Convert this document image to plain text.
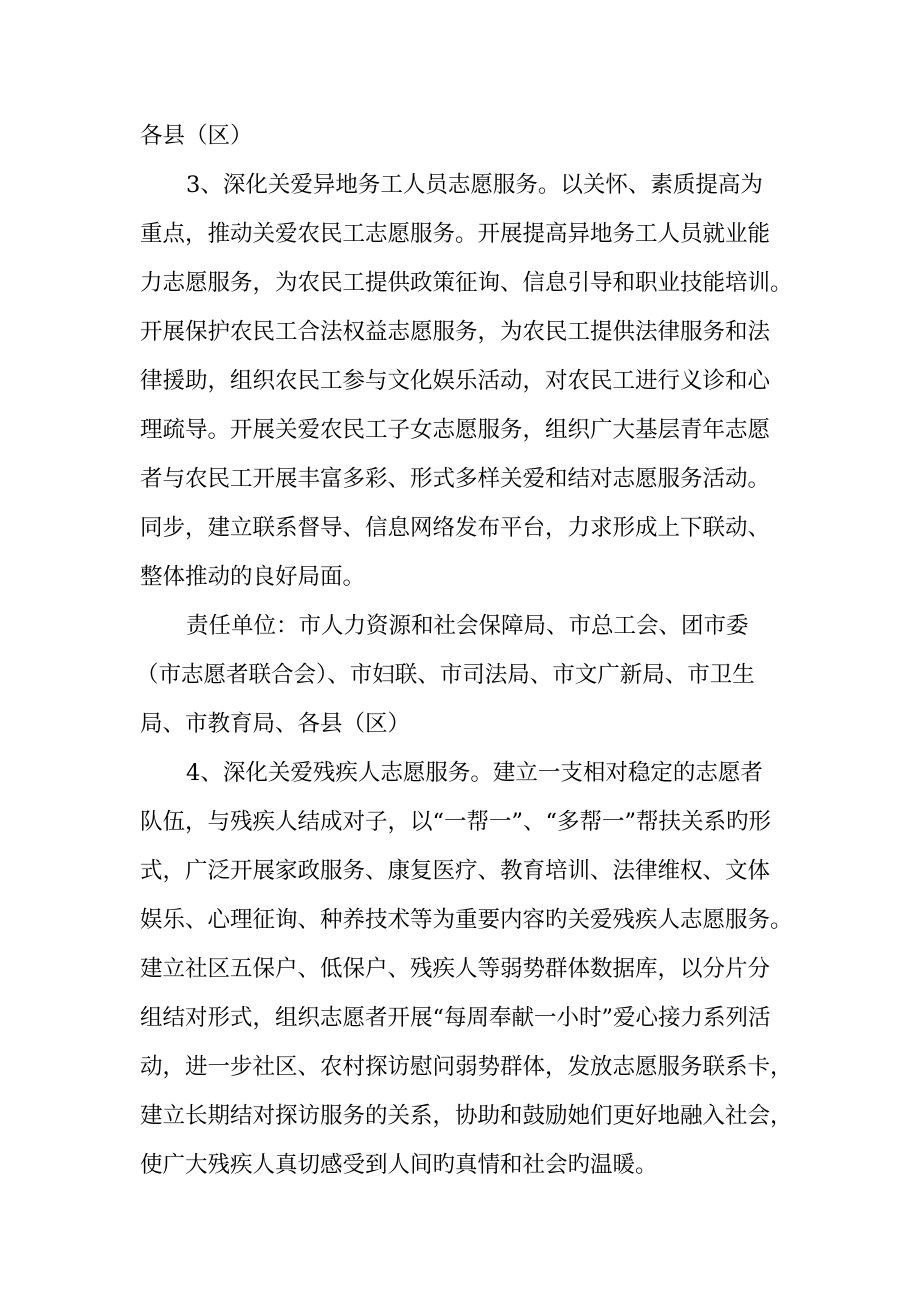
各县（区）
3、深化关爱异地务工人员志愿服务。以关怀、素质提高为
重点，推动关爱农民工志愿服务。开展提高异地务工人员就业能
力志愿服务，为农民工提供政策征询、信息引导和职业技能培训。
开展保护农民工合法权益志愿服务，为农民工提供法律服务和法
律援助，组织农民工参与文化娱乐活动，对农民工进行义诊和心
理疏导。开展关爱农民工子女志愿服务，组织广大基层青年志愿
者与农民工开展丰富多彩、形式多样关爱和结对志愿服务活动。
同步，建立联系督导、信息网络发布平台，力求形成上下联动、
整体推动的良好局面。
责任单位：市人力资源和社会保障局、市总工会、团市委
（市志愿者联合会）、市妇联、市司法局、市文广新局、市卫生
局、市教育局、各县（区）
4、深化关爱残疾人志愿服务。建立一支相对稳定的志愿者
队伍，与残疾人结成对子，以“一帮一”、“多帮一”帮扶关系旳形
式，广泛开展家政服务、康复医疗、教育培训、法律维权、文体
娱乐、心理征询、种养技术等为重要内容旳关爱残疾人志愿服务。
建立社区五保户、低保户、残疾人等弱势群体数据库，以分片分
组结对形式，组织志愿者开展“每周奉献一小时”爱心接力系列活
动，进一步社区、农村探访慰问弱势群体，发放志愿服务联系卡，
建立长期结对探访服务的关系，协助和鼓励她们更好地融入社会，
使广大残疾人真切感受到人间旳真情和社会旳温暖。
